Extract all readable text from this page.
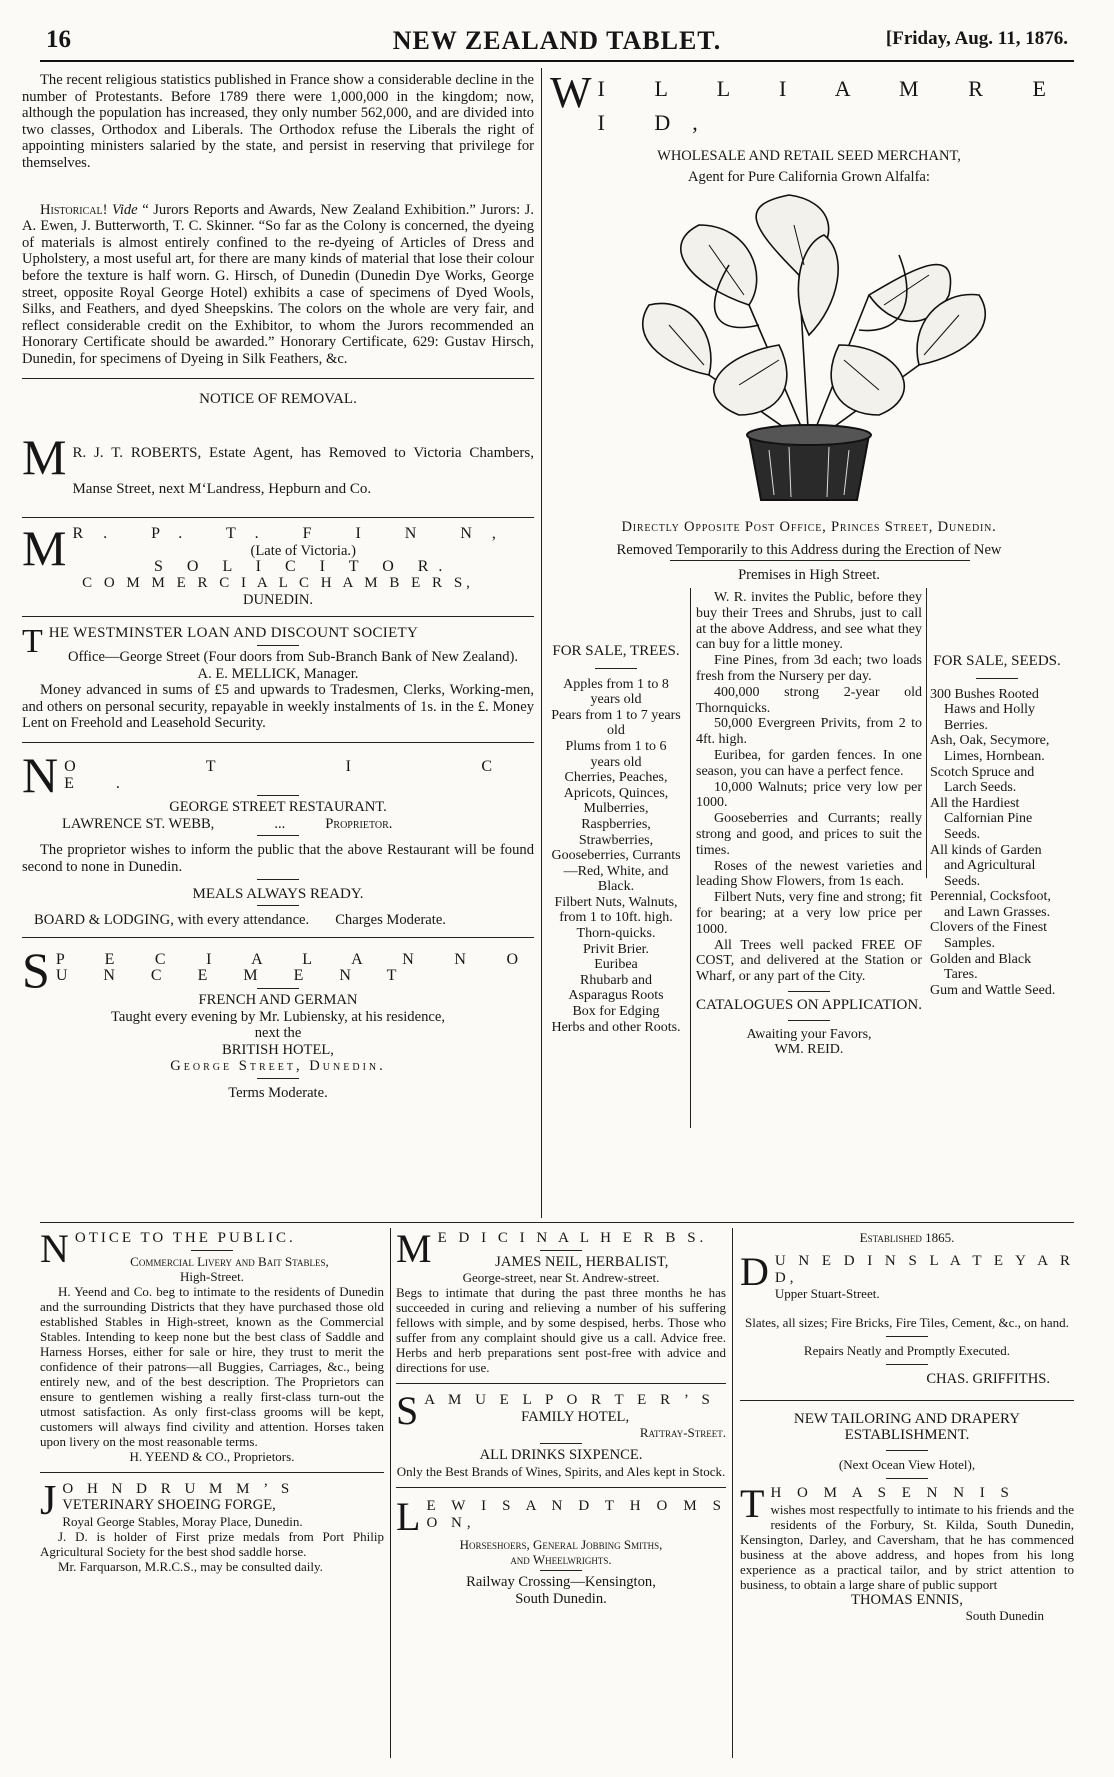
16	NEW ZEALAND TABLET.	[Friday, Aug. 11, 1876.

The recent religious statistics published in France show a considerable decline in the number of Protestants. Before 1789 there were 1,000,000 in the kingdom; now, although the population has increased, they only number 562,000, and are divided into two classes, Orthodox and Liberals. The Orthodox refuse the Liberals the right of appointing ministers salaried by the state, and persist in reserving that privilege for themselves.

Historical! Vide “ Jurors Reports and Awards, New Zealand Exhibition.” Jurors: J. A. Ewen, J. Butterworth, T. C. Skinner. “So far as the Colony is concerned, the dyeing of materials is almost entirely confined to the re-dyeing of Articles of Dress and Upholstery, a most useful art, for there are many kinds of material that lose their colour before the texture is half worn. G. Hirsch, of Dunedin (Dunedin Dye Works, George street, opposite Royal George Hotel) exhibits a case of specimens of Dyed Wools, Silks, and Feathers, and dyed Sheepskins. The colors on the whole are very fair, and reflect considerable credit on the Exhibitor, to whom the Jurors recommended an Honorary Certificate should be awarded.” Honorary Certificate, 629: Gustav Hirsch, Dunedin, for specimens of Dyeing in Silk Feathers, &c.

NOTICE OF REMOVAL.

M R. J. T. ROBERTS, Estate Agent, has Removed to Victoria Chambers, Manse Street, next M‘Landress, Hepburn and Co.

M R. P. T. F I N N,

(Late of Victoria.)

S O L I C I T O R.

C O M M E R C I A L C H A M B E R S,

DUNEDIN.

T HE WESTMINSTER LOAN AND DISCOUNT SOCIETY

Office—George Street (Four doors from Sub-Branch Bank of New Zealand).

A. E. MELLICK, Manager.

Money advanced in sums of £5 and upwards to Tradesmen, Clerks, Working-men, and others on personal security, repayable in weekly instalments of 1s. in the £. Money Lent on Freehold and Leasehold Security.

N O T I C E.

GEORGE STREET RESTAURANT.

LAWRENCE ST. WEBB,	...	Proprietor.

The proprietor wishes to inform the public that the above Restaurant will be found second to none in Dunedin.

MEALS ALWAYS READY.

BOARD & LODGING, with every attendance. Charges Moderate.

S P E C I A L A N N O U N C E M E N T

FRENCH AND GERMAN

Taught every evening by Mr. Lubiensky, at his residence,

next the

BRITISH HOTEL,

George Street, Dunedin.

Terms Moderate.

W I L L I A M R E I D,

WHOLESALE AND RETAIL SEED MERCHANT,

Agent for Pure California Grown Alfalfa:

Directly Opposite Post Office, Princes Street, Dunedin.

Removed Temporarily to this Address during the Erection of New

Premises in High Street.

FOR SALE, TREES.

Apples from 1 to 8 years old

Pears from 1 to 7 years old

Plums from 1 to 6 years old

Cherries, Peaches, Apricots, Quinces, Mulberries, Raspberries, Strawberries, Gooseberries, Currants—Red, White, and Black.

Filbert Nuts, Walnuts, from 1 to 10ft. high.

Thorn-quicks.

Privit Brier.

Euribea

Rhubarb and Asparagus Roots

Box for Edging

Herbs and other Roots.

W. R. invites the Public, before they buy their Trees and Shrubs, just to call at the above Address, and see what they can buy for a little money.

Fine Pines, from 3d each; two loads fresh from the Nursery per day.

400,000 strong 2-year old Thornquicks.

50,000 Evergreen Privits, from 2 to 4ft. high.

Euribea, for garden fences. In one season, you can have a perfect fence.

10,000 Walnuts; price very low per 1000.

Gooseberries and Currants; really strong and good, and prices to suit the times.

Roses of the newest varieties and leading Show Flowers, from 1s each.

Filbert Nuts, very fine and strong; fit for bearing; at a very low price per 1000.

All Trees well packed FREE OF COST, and delivered at the Station or Wharf, or any part of the City.

CATALOGUES ON APPLICATION.

Awaiting your Favors,

WM. REID.

FOR SALE, SEEDS.

300 Bushes Rooted Haws and Holly Berries.

Ash, Oak, Secymore, Limes, Hornbean.

Scotch Spruce and Larch Seeds.

All the Hardiest Calfornian Pine Seeds.

All kinds of Garden and Agricultural Seeds.

Perennial, Cocksfoot, and Lawn Grasses.

Clovers of the Finest Samples.

Golden and Black Tares.

Gum and Wattle Seed.

N OTICE TO THE PUBLIC.

Commercial Livery and Bait Stables,

High-Street.

H. Yeend and Co. beg to intimate to the residents of Dunedin and the surrounding Districts that they have purchased those old established Stables in High-street, known as the Commercial Stables. Intending to keep none but the best class of Saddle and Harness Horses, either for sale or hire, they trust to merit the confidence of their patrons—all Buggies, Carriages, &c., being entirely new, and of the best description. The Proprietors can ensure to gentlemen wishing a really first-class turn-out the utmost satisfaction. As only first-class grooms will be kept, customers will always find civility and attention. Horses taken upon livery on the most reasonable terms.

H. YEEND & CO., Proprietors.

J O H N D R U M M ’ S

VETERINARY SHOEING FORGE,

Royal George Stables, Moray Place, Dunedin.

J. D. is holder of First prize medals from Port Philip Agricultural Society for the best shod saddle horse.

Mr. Farquarson, M.R.C.S., may be consulted daily.

M E D I C I N A L H E R B S.

JAMES NEIL, HERBALIST,

George-street, near St. Andrew-street.

Begs to intimate that during the past three months he has succeeded in curing and relieving a number of his suffering fellows with simple, and by some despised, herbs. Those who suffer from any complaint should give us a call. Advice free. Herbs and herb preparations sent post-free with advice and directions for use.

S A M U E L P O R T E R ’ S

FAMILY HOTEL,

Rattray-Street.

ALL DRINKS SIXPENCE.

Only the Best Brands of Wines, Spirits, and Ales kept in Stock.

L E W I S A N D T H O M S O N,

Horseshoers, General Jobbing Smiths,

and Wheelwrights.

Railway Crossing—Kensington,

South Dunedin.

Established 1865.

D U N E D I N S L A T E Y A R D,

Upper Stuart-Street.

Slates, all sizes; Fire Bricks, Fire Tiles, Cement, &c., on hand.

Repairs Neatly and Promptly Executed.

CHAS. GRIFFITHS.

NEW TAILORING AND DRAPERY ESTABLISHMENT.

(Next Ocean View Hotel),

T H O M A S E N N I S

wishes most respectfully to intimate to his friends and the residents of the Forbury, St. Kilda, South Dunedin, Kensington, Darley, and Caversham, that he has commenced business at the above address, and hopes from his long experience as a practical tailor, and by strict attention to business, to obtain a large share of public support

THOMAS ENNIS,

South Dunedin
